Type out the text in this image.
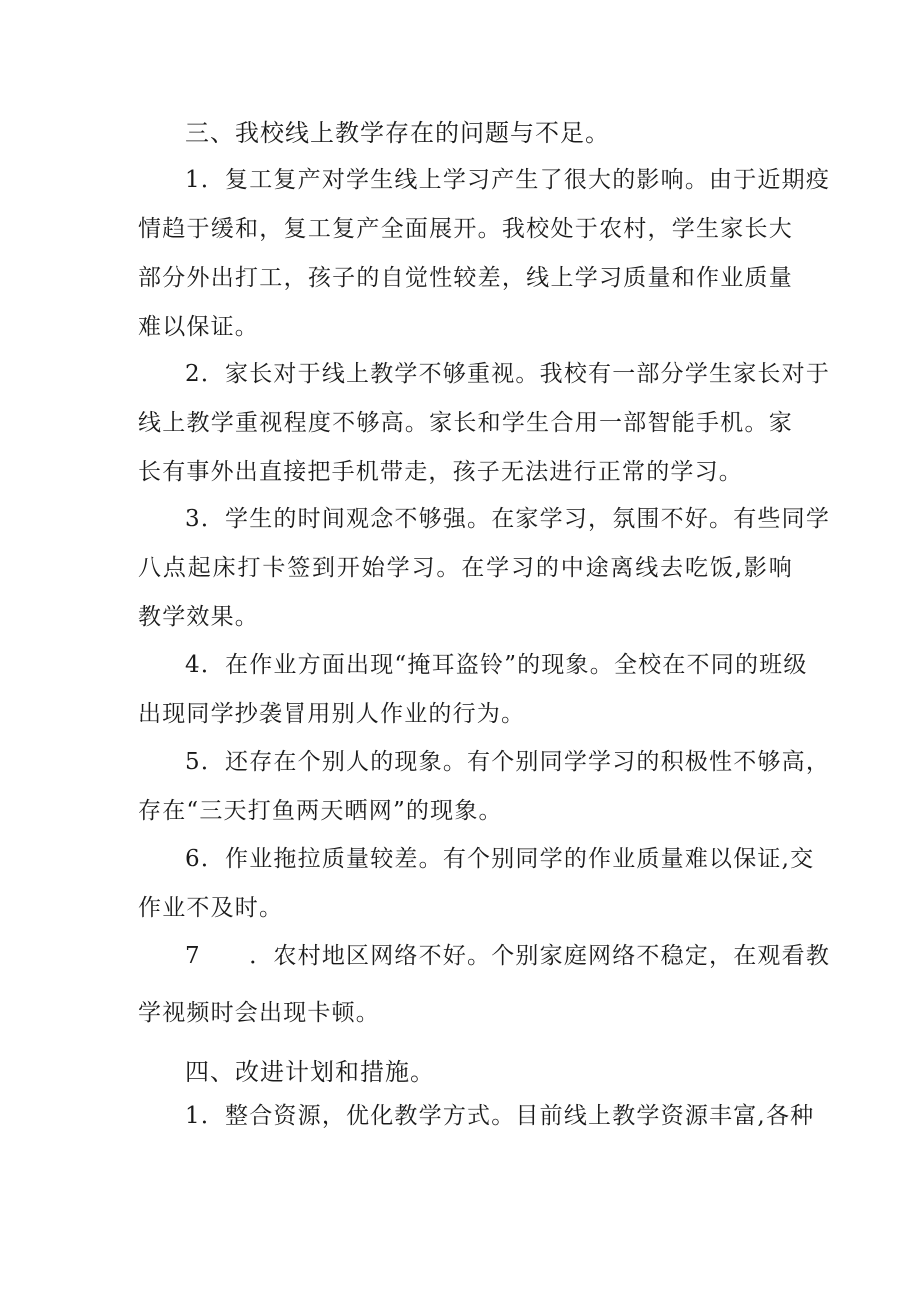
三、我校线上教学存在的问题与不足。
1．复工复产对学生线上学习产生了很大的影响。由于近期疫
情趋于缓和，复工复产全面展开。我校处于农村，学生家长大部分外出打工，孩子的自觉性较差，线上学习质量和作业质量难以保证。
2．家长对于线上教学不够重视。我校有一部分学生家长对于
线上教学重视程度不够高。家长和学生合用一部智能手机。家长有事外出直接把手机带走，孩子无法进行正常的学习。
3．学生的时间观念不够强。在家学习，氛围不好。有些同学
八点起床打卡签到开始学习。在学习的中途离线去吃饭,影响教学效果。
4．在作业方面出现“掩耳盗铃”的现象。全校在不同的班级
出现同学抄袭冒用别人作业的行为。
5．还存在个别人的现象。有个别同学学习的积极性不够高，
存在“三天打鱼两天晒网”的现象。
6．作业拖拉质量较差。有个别同学的作业质量难以保证,交
作业不及时。
7　　．农村地区网络不好。个别家庭网络不稳定，在观看教
学视频时会出现卡顿。
四、改进计划和措施。
1．整合资源，优化教学方式。目前线上教学资源丰富,各种
